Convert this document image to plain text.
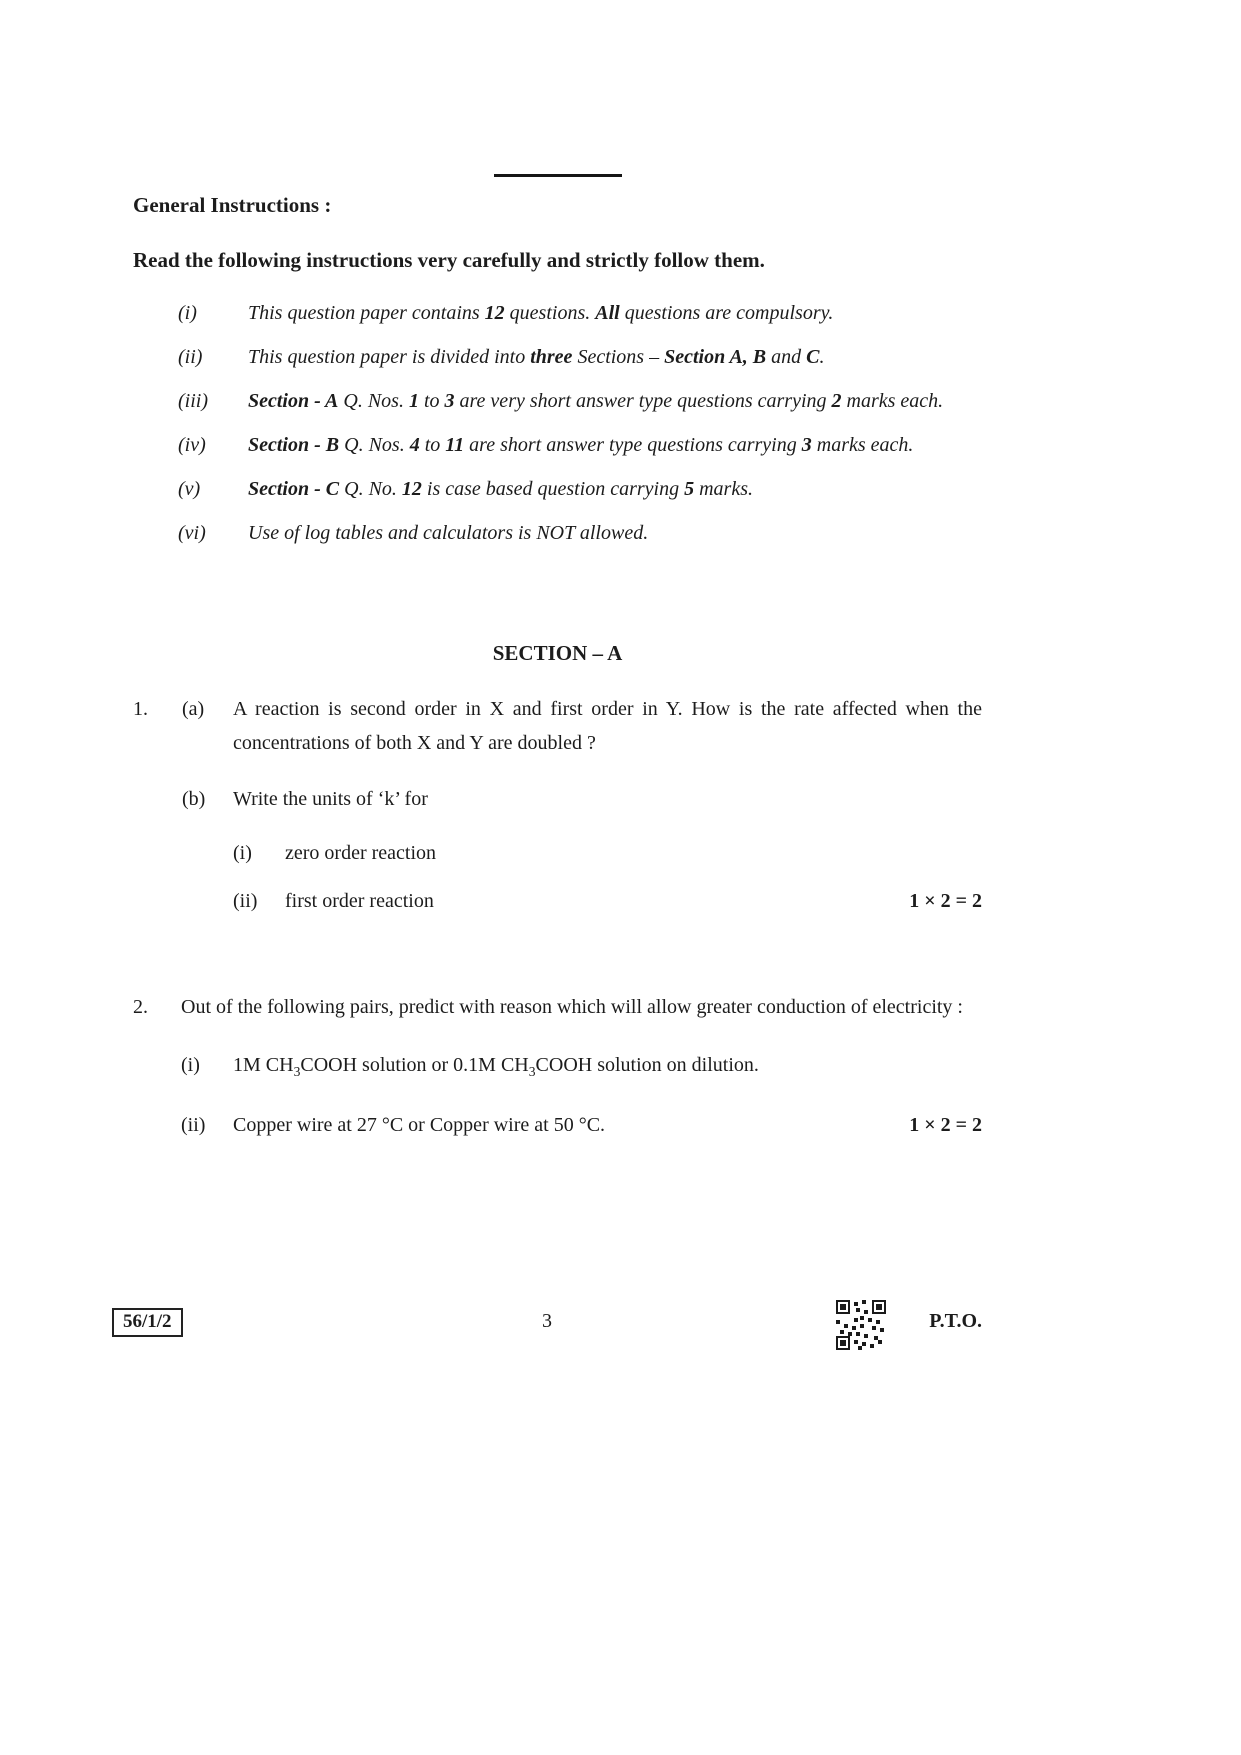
General Instructions :
Read the following instructions very carefully and strictly follow them.
(i)	This question paper contains 12 questions. All questions are compulsory.
(ii)	This question paper is divided into three Sections – Section A, B and C.
(iii)	Section - A Q. Nos. 1 to 3 are very short answer type questions carrying 2 marks each.
(iv)	Section - B Q. Nos. 4 to 11 are short answer type questions carrying 3 marks each.
(v)	Section - C Q. No. 12 is case based question carrying 5 marks.
(vi)	Use of log tables and calculators is NOT allowed.
SECTION – A
1.	(a)	A reaction is second order in X and first order in Y. How is the rate affected when the concentrations of both X and Y are doubled ?
(b)	Write the units of ‘k’ for
(i)	zero order reaction
(ii)	first order reaction	1 × 2 = 2
2.	Out of the following pairs, predict with reason which will allow greater conduction of electricity :
(i)	1M $CH_3COOH$ solution or 0.1M $CH_3COOH$ solution on dilution.
(ii)	Copper wire at 27 °C or Copper wire at 50 °C.	1 × 2 = 2
56/1/2	3	P.T.O.
